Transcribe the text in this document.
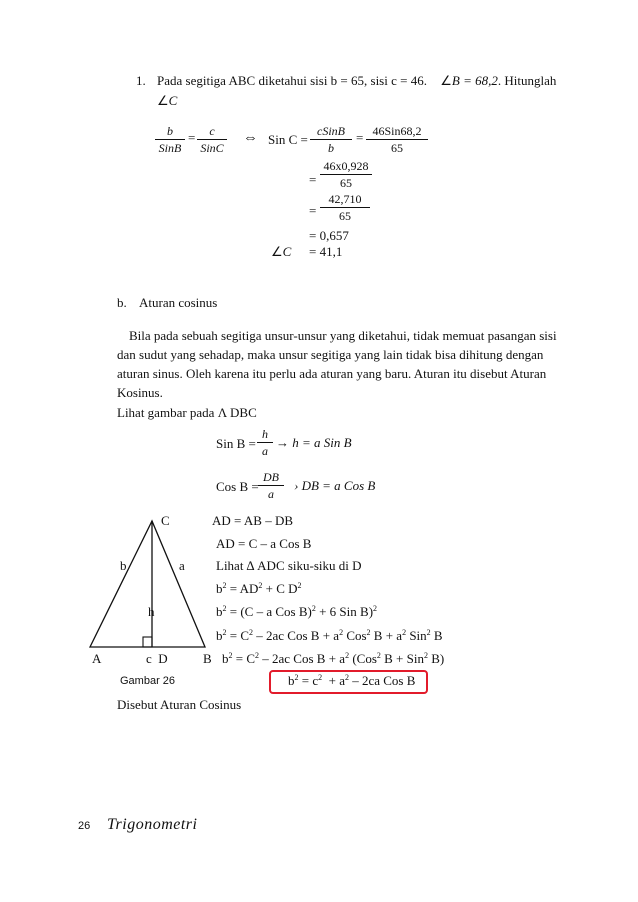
1. Pada segitiga ABC diketahui sisi b = 65, sisi c = 46. ∠B = 68,2. Hitunglah
∠C
b
SinB
=	c
SinC
⇔ Sin C =
cSinB
b
= 46Sin68,2
65
= $\frac{46x0,928}{65}$
= $\frac{42,710}{65}$
= 0,657
∠C = 41,1
b. Aturan cosinus
Bila pada sebuah segitiga unsur-unsur yang diketahui, tidak memuat pasangan sisi dan sudut yang sehadap, maka unsur segitiga yang lain tidak bisa dihitung dengan aturan sinus. Oleh karena itu perlu ada aturan yang baru. Aturan itu disebut Aturan Kosinus.
Lihat gambar pada Λ DBC
Sin $B = \frac{h}{a} \to h = a$ Sin B
Cos $B = \frac{DB}{a}$ › DB = a Cos B
C
b	a
h
A	c  D	B
Gambar 26
AD = AB – DB
AD = C – a Cos B
Lihat ∆ ADC siku-siku di D
$b^2 = AD^2 + C$ $D^2$
$b^2 = (C - a$ Cos B)$^2$ + 6 Sin B)$^2$
$b^2 = C^2 - 2ac$ Cos $B + a^2$ Cos$^2$ $B + a^2$ Sin$^2$ B
$b^2 = C^2 - 2ac$ Cos $B + a^2$ (Cos$^2$ B + Sin$^2$ B)
$b^2 = c^2 + a^2 - 2ca$ Cos B
Disebut Aturan Cosinus
26 Trigonometri
